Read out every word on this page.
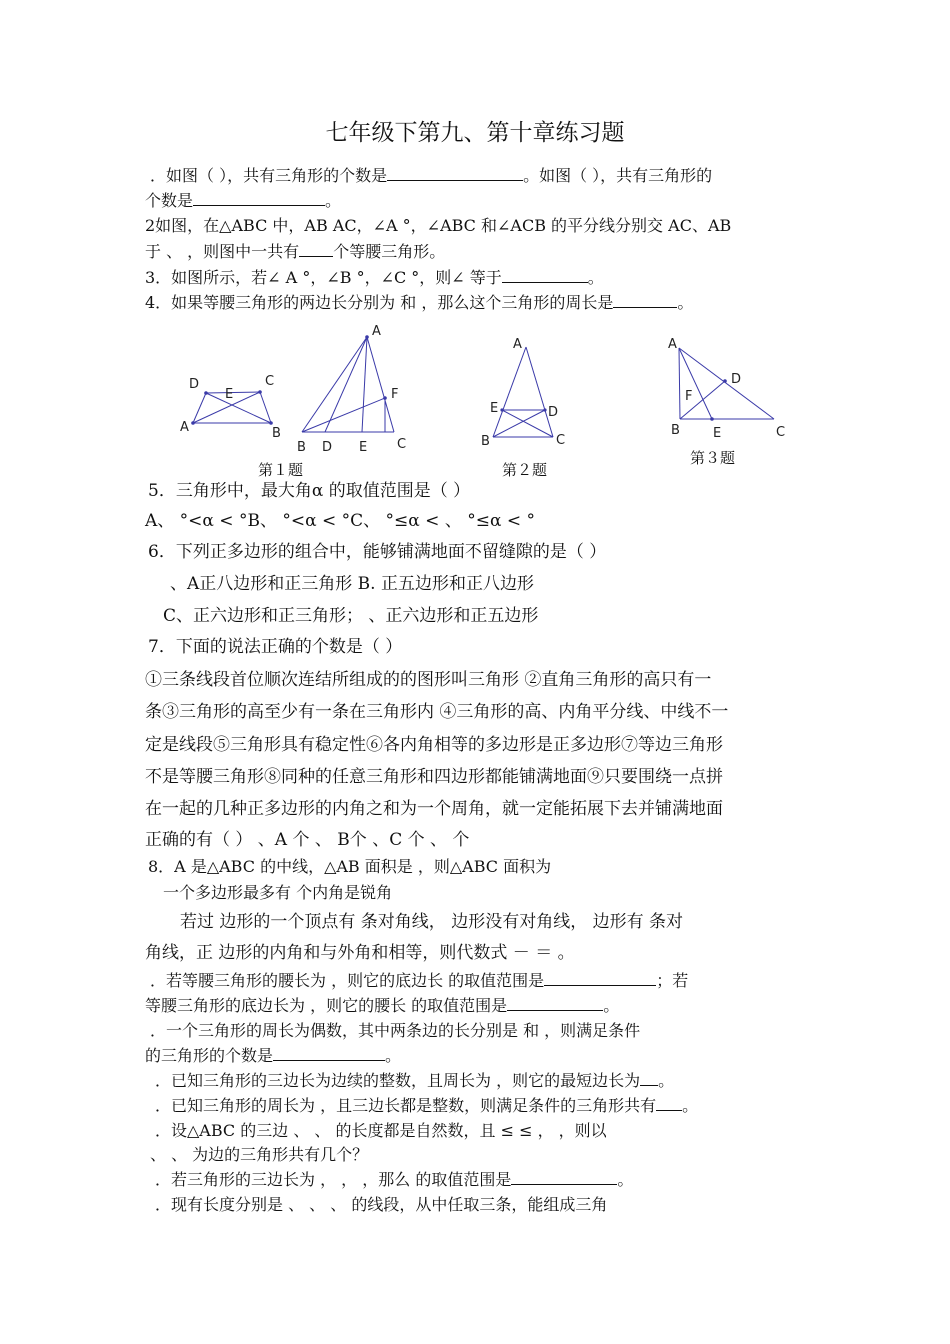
七年级下第九、第十章练习题
．如图（ ），共有三角形的个数是	。如图（ ），共有三角形的
个数是	。
2如图，在△ABC 中，AB AC，∠A °，∠ABC 和∠ACB 的平分线分别交 AC、AB
于 、 ，则图中一共有 个等腰三角形。
3．如图所示，若∠ A °，∠B °，∠C °，则∠ 等于	。
4．如果等腰三角形的两边长分别为 和 ，那么这个三角形的周长是	。
D
E
C
A	B
A
F
B D E C
A
E	D
B	C
A
D
F
B	E	C
第１题	第２题
第３题
5．三角形中，最大角α 的取值范围是（ ）
A、 °<α < °B、 °<α < °C、 °≤α < 、 °≤α < °
6．下列正多边形的组合中，能够铺满地面不留缝隙的是（ ）
、A正八边形和正三角形 B. 正五边形和正八边形
C、正六边形和正三角形； 、正六边形和正五边形
7．下面的说法正确的个数是（ ）
①三条线段首位顺次连结所组成的的图形叫三角形 ②直角三角形的高只有一
条③三角形的高至少有一条在三角形内 ④三角形的高、内角平分线、中线不一
定是线段⑤三角形具有稳定性⑥各内角相等的多边形是正多边形⑦等边三角形
不是等腰三角形⑧同种的任意三角形和四边形都能铺满地面⑨只要围绕一点拼
在一起的几种正多边形的内角之和为一个周角，就一定能拓展下去并铺满地面
正确的有（ ） 、A 个 、 B个 、C 个 、 个
8．A 是△ABC 的中线，△AB 面积是 ，则△ABC 面积为
一个多边形最多有 个内角是锐角
若过 边形的一个顶点有 条对角线， 边形没有对角线， 边形有 条对
角线，正 边形的内角和与外角和相等，则代数式 － ＝ 。
．若等腰三角形的腰长为 ，则它的底边长 的取值范围是	；若
等腰三角形的底边长为 ，则它的腰长 的取值范围是	。
．一个三角形的周长为偶数，其中两条边的长分别是 和 ，则满足条件
的三角形的个数是	。
．已知三角形的三边长为边续的整数，且周长为 ，则它的最短边长为 。
．已知三角形的周长为 ，且三边长都是整数，则满足条件的三角形共有 。
．设△ABC 的三边 、 、 的长度都是自然数，且 ≤ ≤ ， ，则以
、 、 为边的三角形共有几个？
．若三角形的三边长为 ， ， ，那么 的取值范围是	。
．现有长度分别是 、 、 、 的线段，从中任取三条，能组成三角
